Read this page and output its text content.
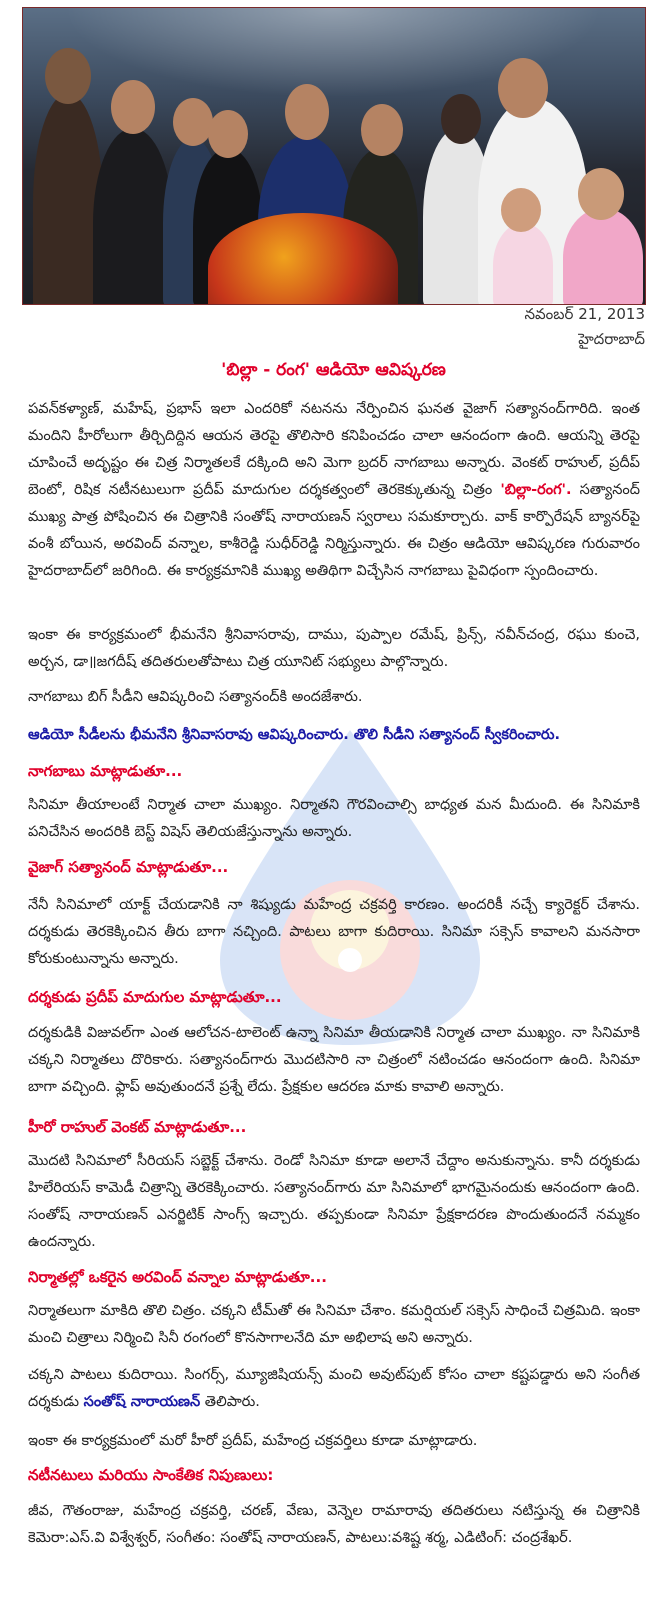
నవంబర్ 21, 2013
హైదరాబాద్
'బిల్లా - రంగ' ఆడియో ఆవిష్కరణ
పవన్‌కళ్యాణ్, మహేష్, ప్రభాస్ ఇలా ఎందరికో నటనను నేర్పించిన ఘనత వైజాగ్ సత్యానంద్‌గారిది. ఇంత మందిని హీరోలుగా తీర్చిదిద్దిన ఆయన తెరపై తొలిసారి కనిపించడం చాలా ఆనందంగా ఉంది. ఆయన్ని తెరపై చూపించే అదృష్టం ఈ చిత్ర నిర్మాతలకే దక్కింది అని మెగా బ్రదర్ నాగబాబు అన్నారు. వెంకట్ రాహుల్, ప్రదీప్ బెంటో, రిషిక నటీనటులుగా ప్రదీప్ మాదుగుల దర్శకత్వంలో తెరకెక్కుతున్న చిత్రం 'బిల్లా-రంగ'. సత్యానంద్ ముఖ్య పాత్ర పోషించిన ఈ చిత్రానికి సంతోష్ నారాయణన్ స్వరాలు సమకూర్చారు. వాక్ కార్పొరేషన్ బ్యానర్‌పై వంశీ బోయిన, అరవింద్ వన్నాల, కాశీరెడ్డి సుధీర్‌రెడ్డి నిర్మిస్తున్నారు. ఈ చిత్రం ఆడియో ఆవిష్కరణ గురువారం హైదరాబాద్‌లో జరిగింది. ఈ కార్యక్రమానికి ముఖ్య అతిథిగా విచ్చేసిన నాగబాబు పైవిధంగా స్పందించారు.
ఇంకా ఈ కార్యక్రమంలో భీమనేని శ్రీనివాసరావు, దాము, పుప్పాల రమేష్, ప్రిన్స్, నవీన్‌చంద్ర, రఘు కుంచె, అర్చన, డా॥జగదీష్ తదితరులతోపాటు చిత్ర యూనిట్ సభ్యులు పాల్గొన్నారు.
నాగబాబు బిగ్ సీడీని ఆవిష్కరించి సత్యానంద్‌కి అందజేశారు.
ఆడియో సీడీలను భీమనేని శ్రీనివాసరావు ఆవిష్కరించారు. తొలి సీడీని సత్యానంద్ స్వీకరించారు.
నాగబాబు మాట్లాడుతూ...
సినిమా తీయాలంటే నిర్మాత చాలా ముఖ్యం. నిర్మాతని గౌరవించాల్సి బాధ్యత మన మీదుంది. ఈ సినిమాకి పనిచేసిన అందరికి బెస్ట్ విషెస్ తెలియజేస్తున్నాను అన్నారు.
వైజాగ్ సత్యానంద్ మాట్లాడుతూ...
నేనీ సినిమాలో యాక్ట్ చేయడానికి నా శిష్యుడు మహేంద్ర చక్రవర్తి కారణం. అందరికీ నచ్చే క్యారెక్టర్ చేశాను. దర్శకుడు తెరకెక్కించిన తీరు బాగా నచ్చింది. పాటలు బాగా కుదిరాయి. సినిమా సక్సెస్ కావాలని మనసారా కోరుకుంటున్నాను అన్నారు.
దర్శకుడు ప్రదీప్ మాదుగుల మాట్లాడుతూ...
దర్శకుడికి విజువల్‌గా ఎంత ఆలోచన-టాలెంట్ ఉన్నా సినిమా తీయడానికి నిర్మాత చాలా ముఖ్యం. నా సినిమాకి చక్కని నిర్మాతలు దొరికారు. సత్యానంద్‌గారు మొదటిసారి నా చిత్రంలో నటించడం ఆనందంగా ఉంది. సినిమా బాగా వచ్చింది. ఫ్లాప్ అవుతుందనే ప్రశ్నే లేదు. ప్రేక్షకుల ఆదరణ మాకు కావాలి అన్నారు.
హీరో రాహుల్ వెంకట్ మాట్లాడుతూ...
మొదటి సినిమాలో సీరియస్ సబ్జెక్ట్ చేశాను. రెండో సినిమా కూడా అలానే చేద్దాం అనుకున్నాను. కానీ దర్శకుడు హిలేరియస్ కామెడీ చిత్రాన్ని తెరకెక్కించారు. సత్యానంద్‌గారు మా సినిమాలో భాగమైనందుకు ఆనందంగా ఉంది. సంతోష్ నారాయణన్ ఎనర్జిటిక్ సాంగ్స్ ఇచ్చారు. తప్పకుండా సినిమా ప్రేక్షకాదరణ పొందుతుందనే నమ్మకం ఉందన్నారు.
నిర్మాతల్లో ఒకరైన అరవింద్ వన్నాల మాట్లాడుతూ...
నిర్మాతలుగా మాకిది తొలి చిత్రం. చక్కని టీమ్‌తో ఈ సినిమా చేశాం. కమర్షియల్ సక్సెస్ సాధించే చిత్రమిది. ఇంకా మంచి చిత్రాలు నిర్మించి సినీ రంగంలో కొనసాగాలనేది మా అభిలాష అని అన్నారు.
చక్కని పాటలు కుదిరాయి. సింగర్స్, మ్యూజిషియన్స్ మంచి అవుట్‌పుట్ కోసం చాలా కష్టపడ్డారు అని సంగీత దర్శకుడు సంతోష్ నారాయణన్ తెలిపారు.
ఇంకా ఈ కార్యక్రమంలో మరో హీరో ప్రదీప్, మహేంద్ర చక్రవర్తిలు కూడా మాట్లాడారు.
నటీనటులు మరియు సాంకేతిక నిపుణులు:
జీవ, గౌతంరాజు, మహేంద్ర చక్రవర్తి, చరణ్, వేణు, వెన్నెల రామారావు తదితరులు నటిస్తున్న ఈ చిత్రానికి కెమెరా:ఎస్.వి విశ్వేశ్వర్, సంగీతం: సంతోష్ నారాయణన్, పాటలు:వశిష్ట శర్మ, ఎడిటింగ్: చంద్రశేఖర్.
